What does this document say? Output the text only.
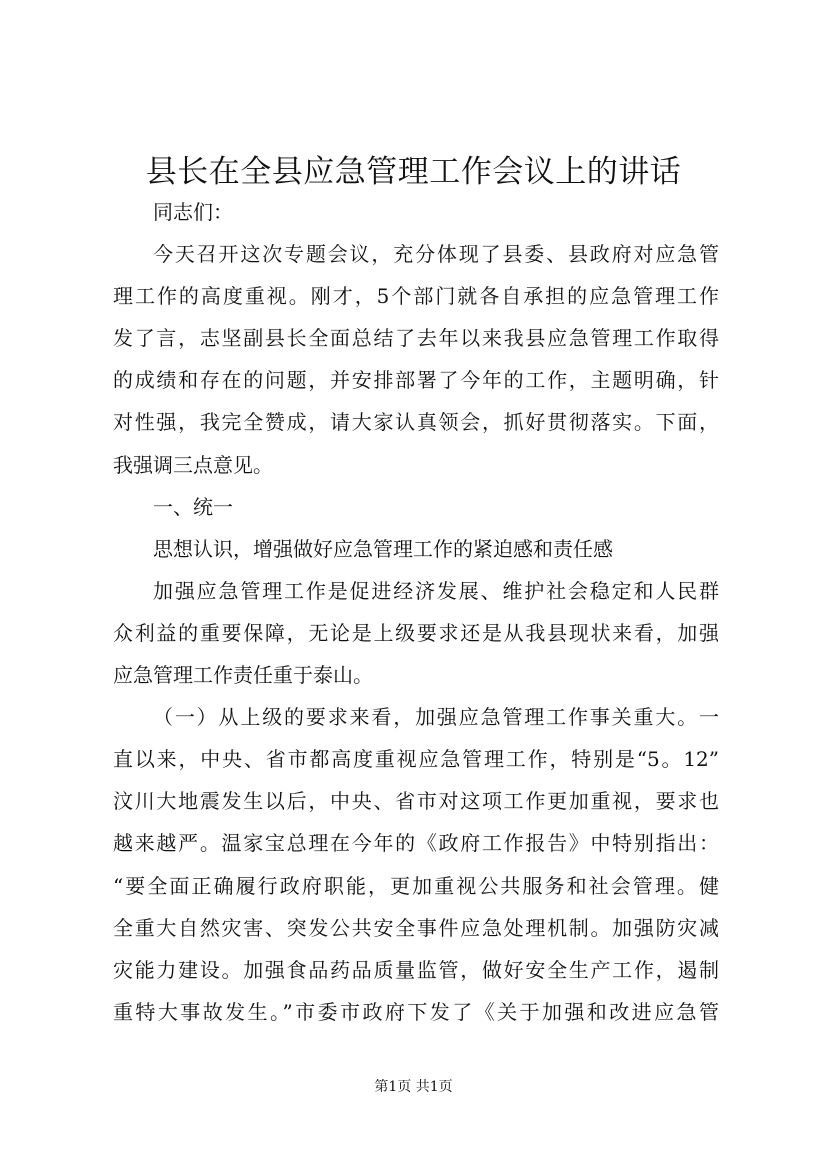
县长在全县应急管理工作会议上的讲话
同志们：
今天召开这次专题会议，充分体现了县委、县政府对应急管
理工作的高度重视。刚才，5个部门就各自承担的应急管理工作
发了言，志坚副县长全面总结了去年以来我县应急管理工作取得
的成绩和存在的问题，并安排部署了今年的工作，主题明确，针
对性强，我完全赞成，请大家认真领会，抓好贯彻落实。下面，
我强调三点意见。
一、统一
思想认识，增强做好应急管理工作的紧迫感和责任感
加强应急管理工作是促进经济发展、维护社会稳定和人民群
众利益的重要保障，无论是上级要求还是从我县现状来看，加强
应急管理工作责任重于泰山。
（一）从上级的要求来看，加强应急管理工作事关重大。一
直以来，中央、省市都高度重视应急管理工作，特别是“5。12”
汶川大地震发生以后，中央、省市对这项工作更加重视，要求也
越来越严。温家宝总理在今年的《政府工作报告》中特别指出：
“要全面正确履行政府职能，更加重视公共服务和社会管理。健
全重大自然灾害、突发公共安全事件应急处理机制。加强防灾减
灾能力建设。加强食品药品质量监管，做好安全生产工作，遏制
重特大事故发生。”市委市政府下发了《关于加强和改进应急管
第1页 共1页
